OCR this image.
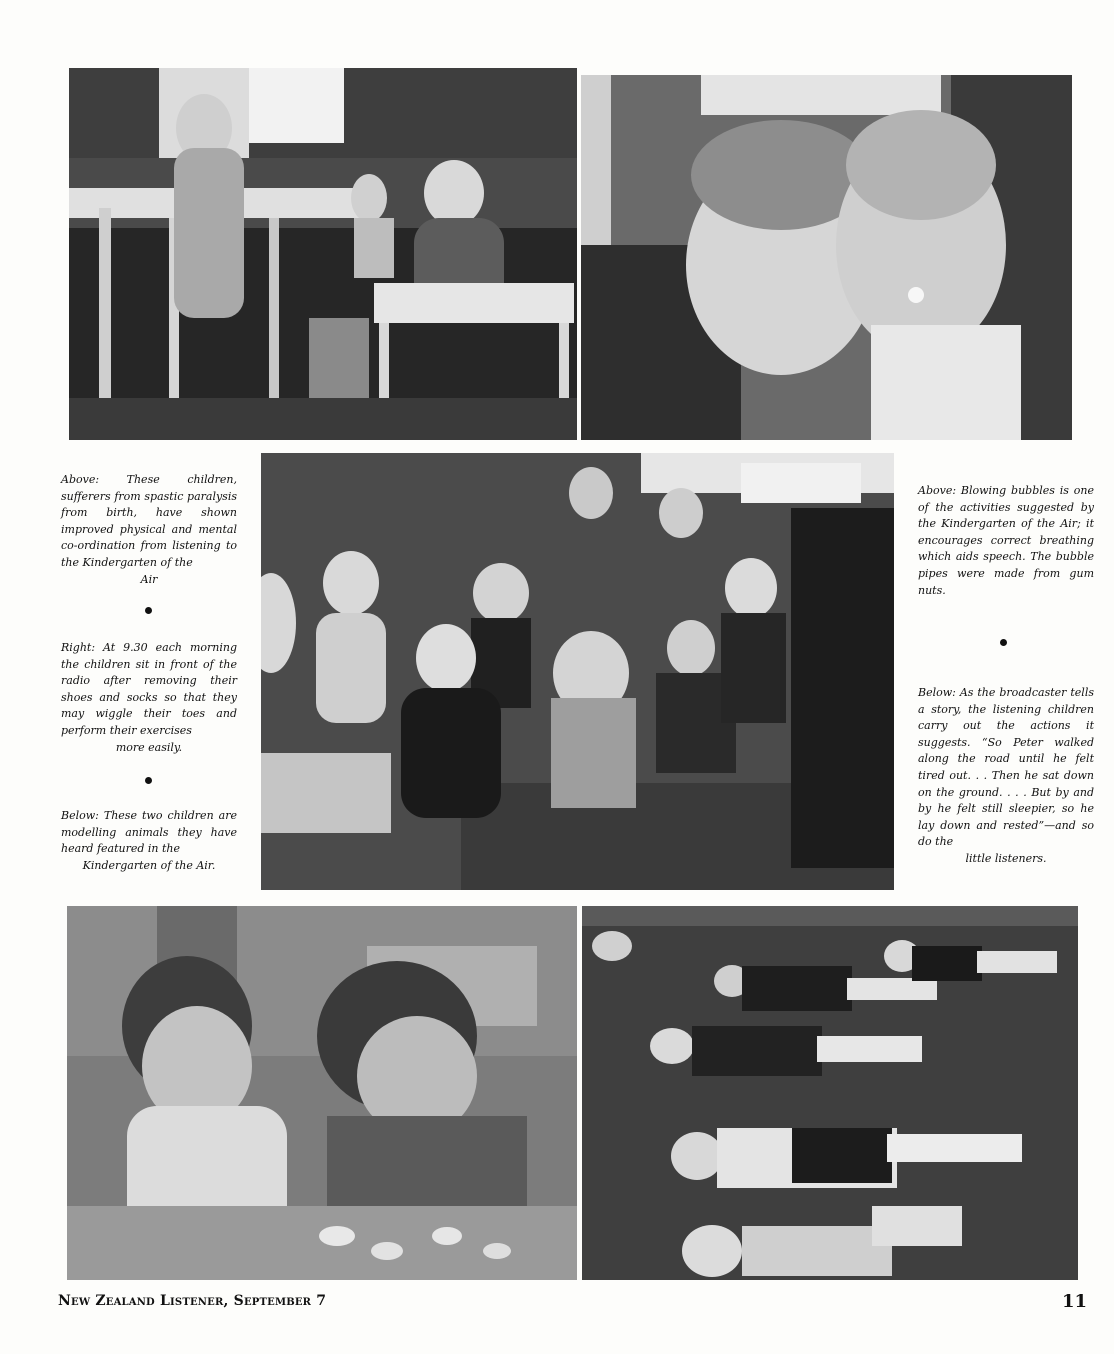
Above: These children, sufferers from spastic paralysis from birth, have shown improved physical and mental co-ordination from listening to the Kindergarten of the

Air

Right: At 9.30 each morning the children sit in front of the radio after removing their shoes and socks so that they may wiggle their toes and perform their exercises

more easily.

Below: These two children are modelling animals they have heard featured in the

Kindergarten of the Air.

Above: Blowing bubbles is one of the activities suggested by the Kindergarten of the Air; it encourages correct breathing which aids speech. The bubble pipes were made from gum nuts.

Below: As the broadcaster tells a story, the listening children carry out the actions it suggests. “So Peter walked along the road until he felt tired out. . . Then he sat down on the ground. . . . But by and by he felt still sleepier, so he lay down and rested”—and so do the

little listeners.

New Zealand Listener, September 7	11
